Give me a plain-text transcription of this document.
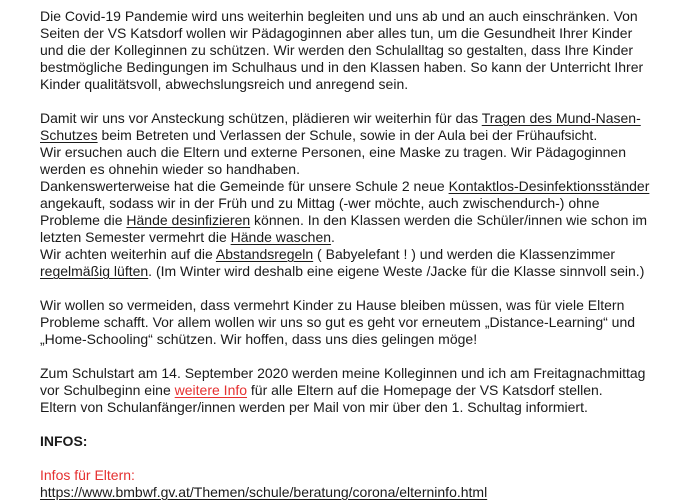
Die Covid-19 Pandemie wird uns weiterhin begleiten und uns ab und an auch einschränken. Von
Seiten der VS Katsdorf wollen wir Pädagoginnen aber alles tun, um die Gesundheit Ihrer Kinder
und die der Kolleginnen zu schützen. Wir werden den Schulalltag so gestalten, dass Ihre Kinder
bestmögliche Bedingungen im Schulhaus und in den Klassen haben. So kann der Unterricht Ihrer
Kinder qualitätsvoll, abwechslungsreich und anregend sein.
Damit wir uns vor Ansteckung schützen, plädieren wir weiterhin für das Tragen des Mund-Nasen-
Schutzes beim Betreten und Verlassen der Schule, sowie in der Aula bei der Frühaufsicht.
Wir ersuchen auch die Eltern und externe Personen, eine Maske zu tragen. Wir Pädagoginnen
werden es ohnehin wieder so handhaben.
Dankenswerterweise hat die Gemeinde für unsere Schule 2 neue Kontaktlos-Desinfektionsständer
angekauft, sodass wir in der Früh und zu Mittag (-wer möchte, auch zwischendurch-) ohne
Probleme die Hände desinfizieren können. In den Klassen werden die Schüler/innen wie schon im
letzten Semester vermehrt die Hände waschen.
Wir achten weiterhin auf die Abstandsregeln ( Babyelefant ! ) und werden die Klassenzimmer
regelmäßig lüften. (Im Winter wird deshalb eine eigene Weste /Jacke für die Klasse sinnvoll sein.)
Wir wollen so vermeiden, dass vermehrt Kinder zu Hause bleiben müssen, was für viele Eltern
Probleme schafft. Vor allem wollen wir uns so gut es geht vor erneutem „Distance-Learning“ und
„Home-Schooling“ schützen. Wir hoffen, dass uns dies gelingen möge!
Zum Schulstart am 14. September 2020 werden meine Kolleginnen und ich am Freitagnachmittag
vor Schulbeginn eine weitere Info für alle Eltern auf die Homepage der VS Katsdorf stellen.
Eltern von Schulanfänger/innen werden per Mail von mir über den 1. Schultag informiert.
INFOS:
Infos für Eltern:
https://www.bmbwf.gv.at/Themen/schule/beratung/corona/elterninfo.html
